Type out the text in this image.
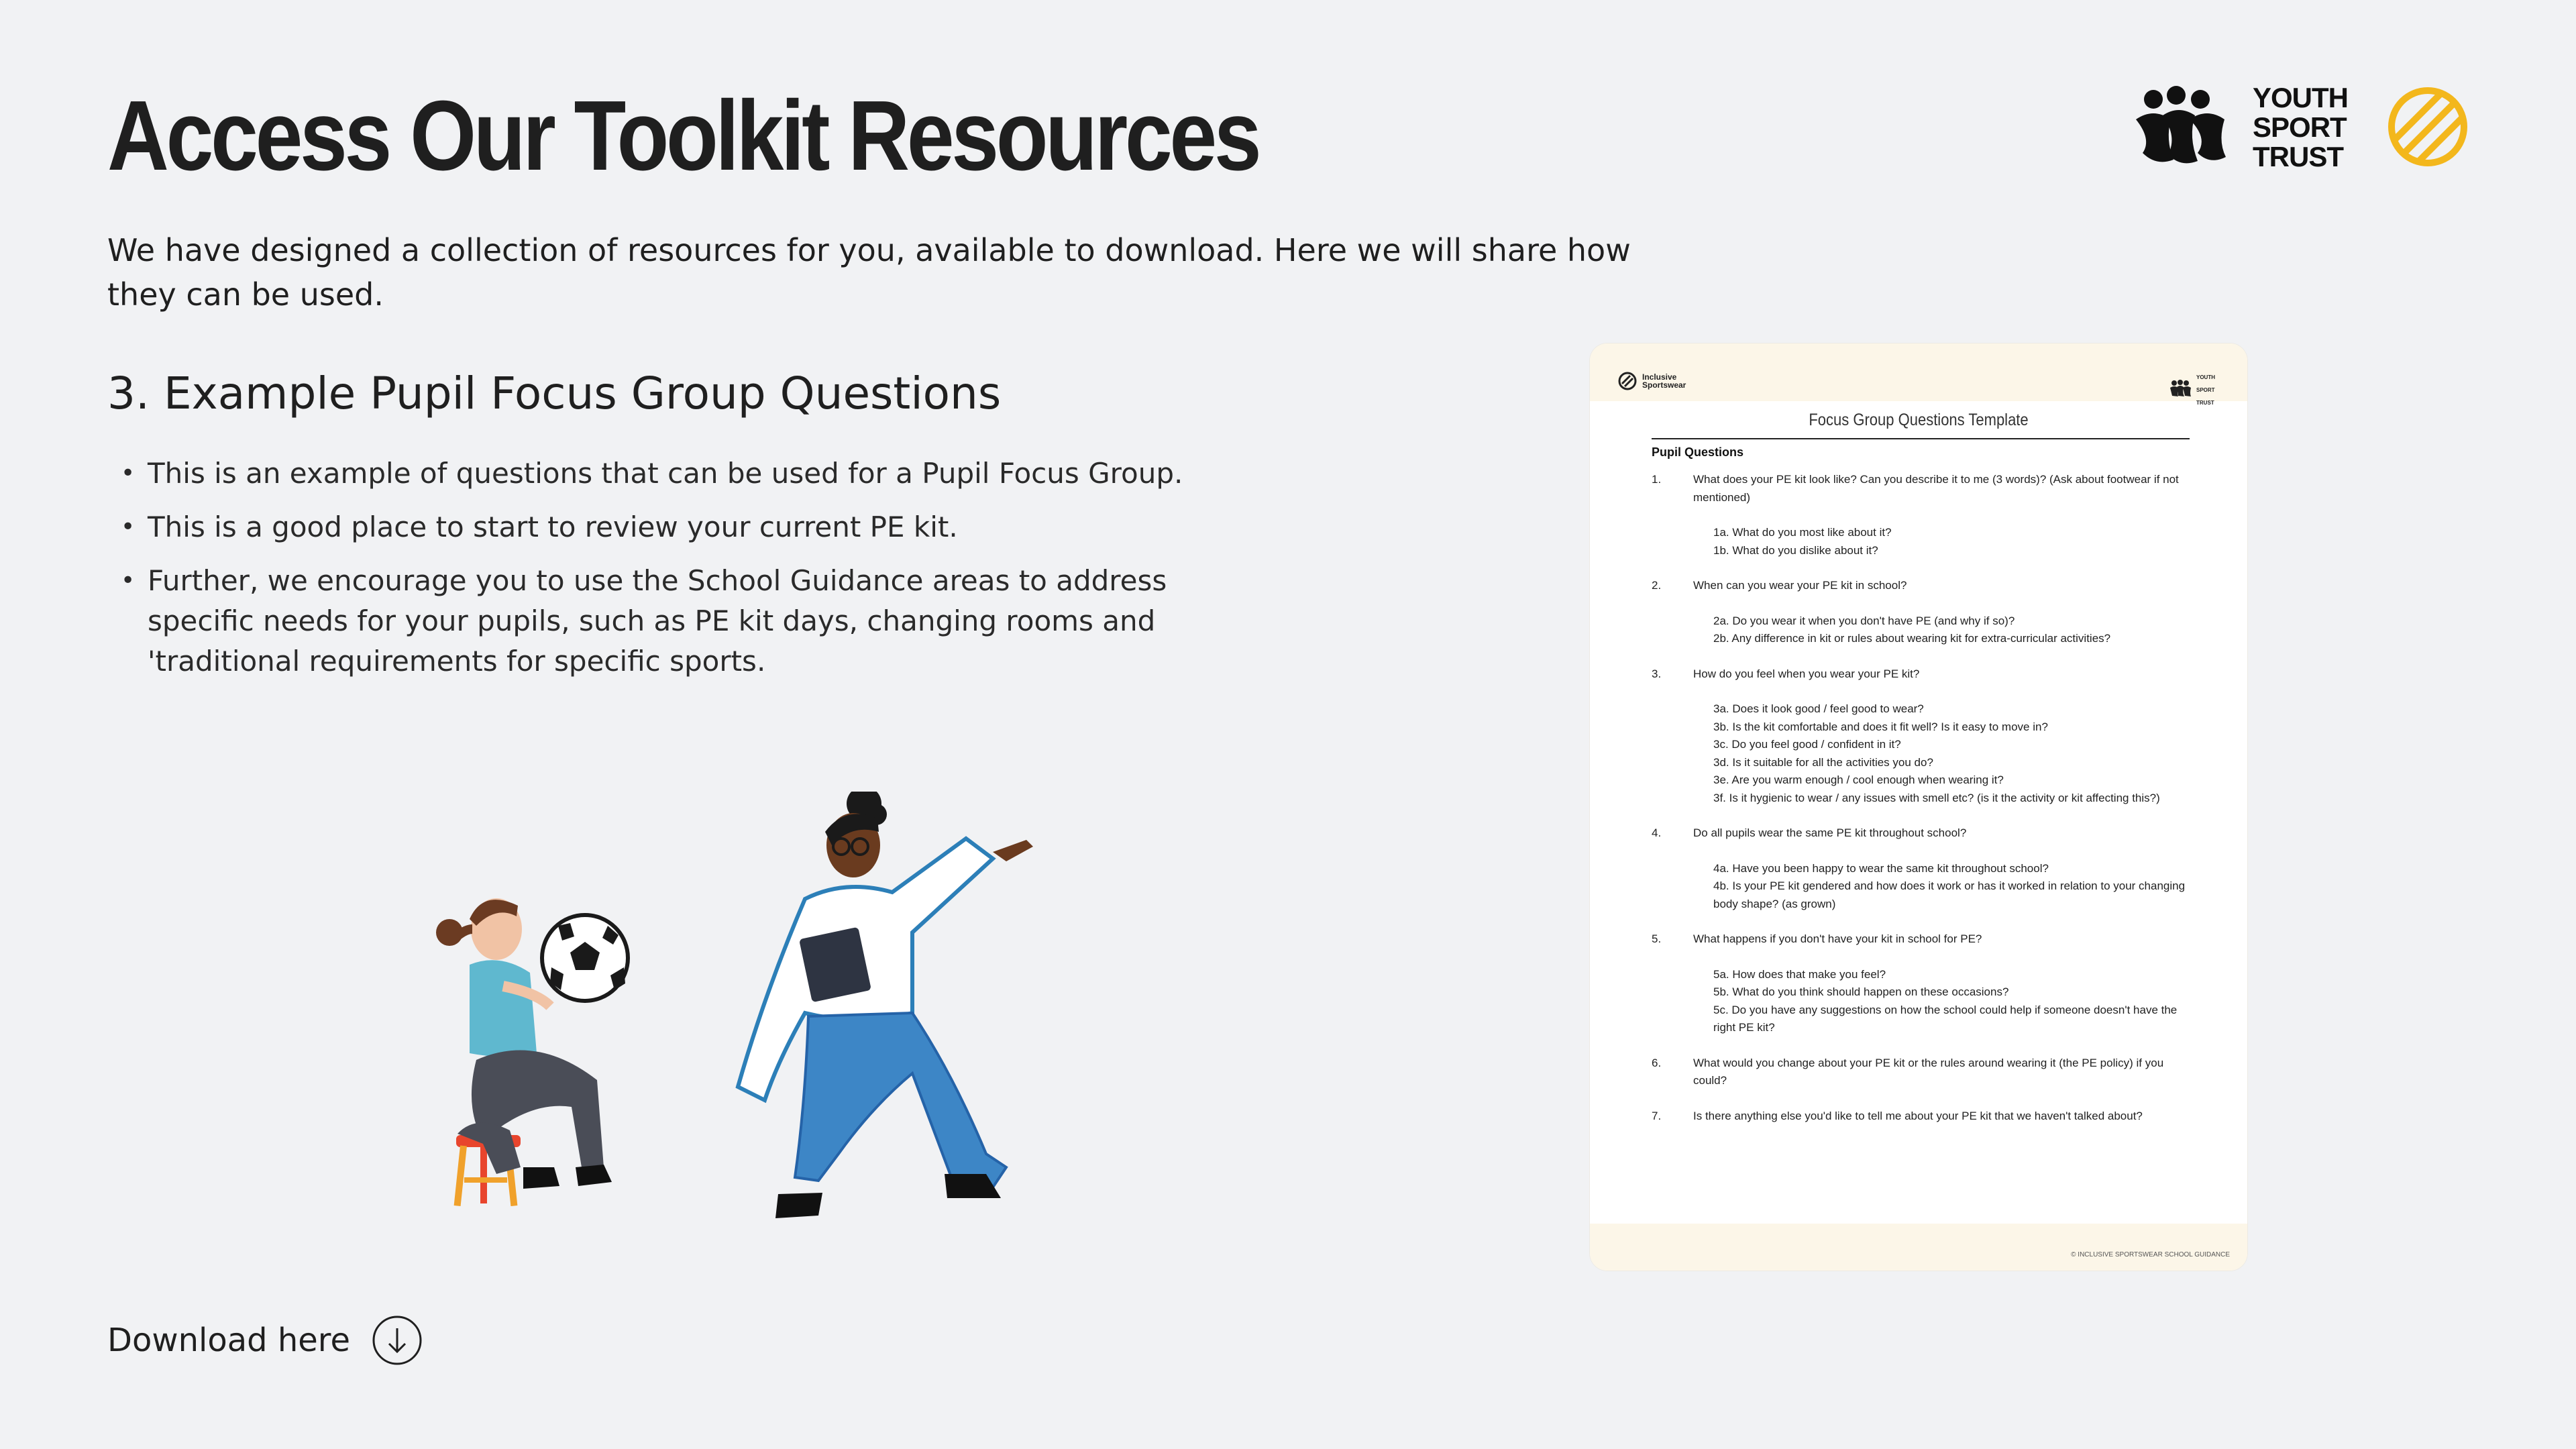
Access Our Toolkit Resources

We have designed a collection of resources for you, available to download. Here we will share how they can be used.

YOUTH
SPORT
TRUST
3. Example Pupil Focus Group Questions
• This is an example of questions that can be used for a Pupil Focus Group.
• This is a good place to start to review your current PE kit.
• Further, we encourage you to use the School Guidance areas to address specific needs for your pupils, such as PE kit days, changing rooms and 'traditional requirements for specific sports.
Download here
Inclusive
Sportswear
YOUTH
SPORT
TRUST
Focus Group Questions Template
Pupil Questions
1.	What does your PE kit look like? Can you describe it to me (3 words)? (Ask about footwear if not mentioned)
1a. What do you most like about it?
1b. What do you dislike about it?
2.	When can you wear your PE kit in school?
2a. Do you wear it when you don't have PE (and why if so)?
2b. Any difference in kit or rules about wearing kit for extra-curricular activities?
3.	How do you feel when you wear your PE kit?
3a. Does it look good / feel good to wear?
3b. Is the kit comfortable and does it fit well? Is it easy to move in?
3c. Do you feel good / confident in it?
3d. Is it suitable for all the activities you do?
3e. Are you warm enough / cool enough when wearing it?
3f. Is it hygienic to wear / any issues with smell etc? (is it the activity or kit affecting this?)
4.	Do all pupils wear the same PE kit throughout school?
4a. Have you been happy to wear the same kit throughout school?
4b. Is your PE kit gendered and how does it work or has it worked in relation to your changing body shape? (as grown)
5.	What happens if you don't have your kit in school for PE?
5a. How does that make you feel?
5b. What do you think should happen on these occasions?
5c. Do you have any suggestions on how the school could help if someone doesn't have the right PE kit?
6.	What would you change about your PE kit or the rules around wearing it (the PE policy) if you could?
7.	Is there anything else you'd like to tell me about your PE kit that we haven't talked about?
© INCLUSIVE SPORTSWEAR SCHOOL GUIDANCE
